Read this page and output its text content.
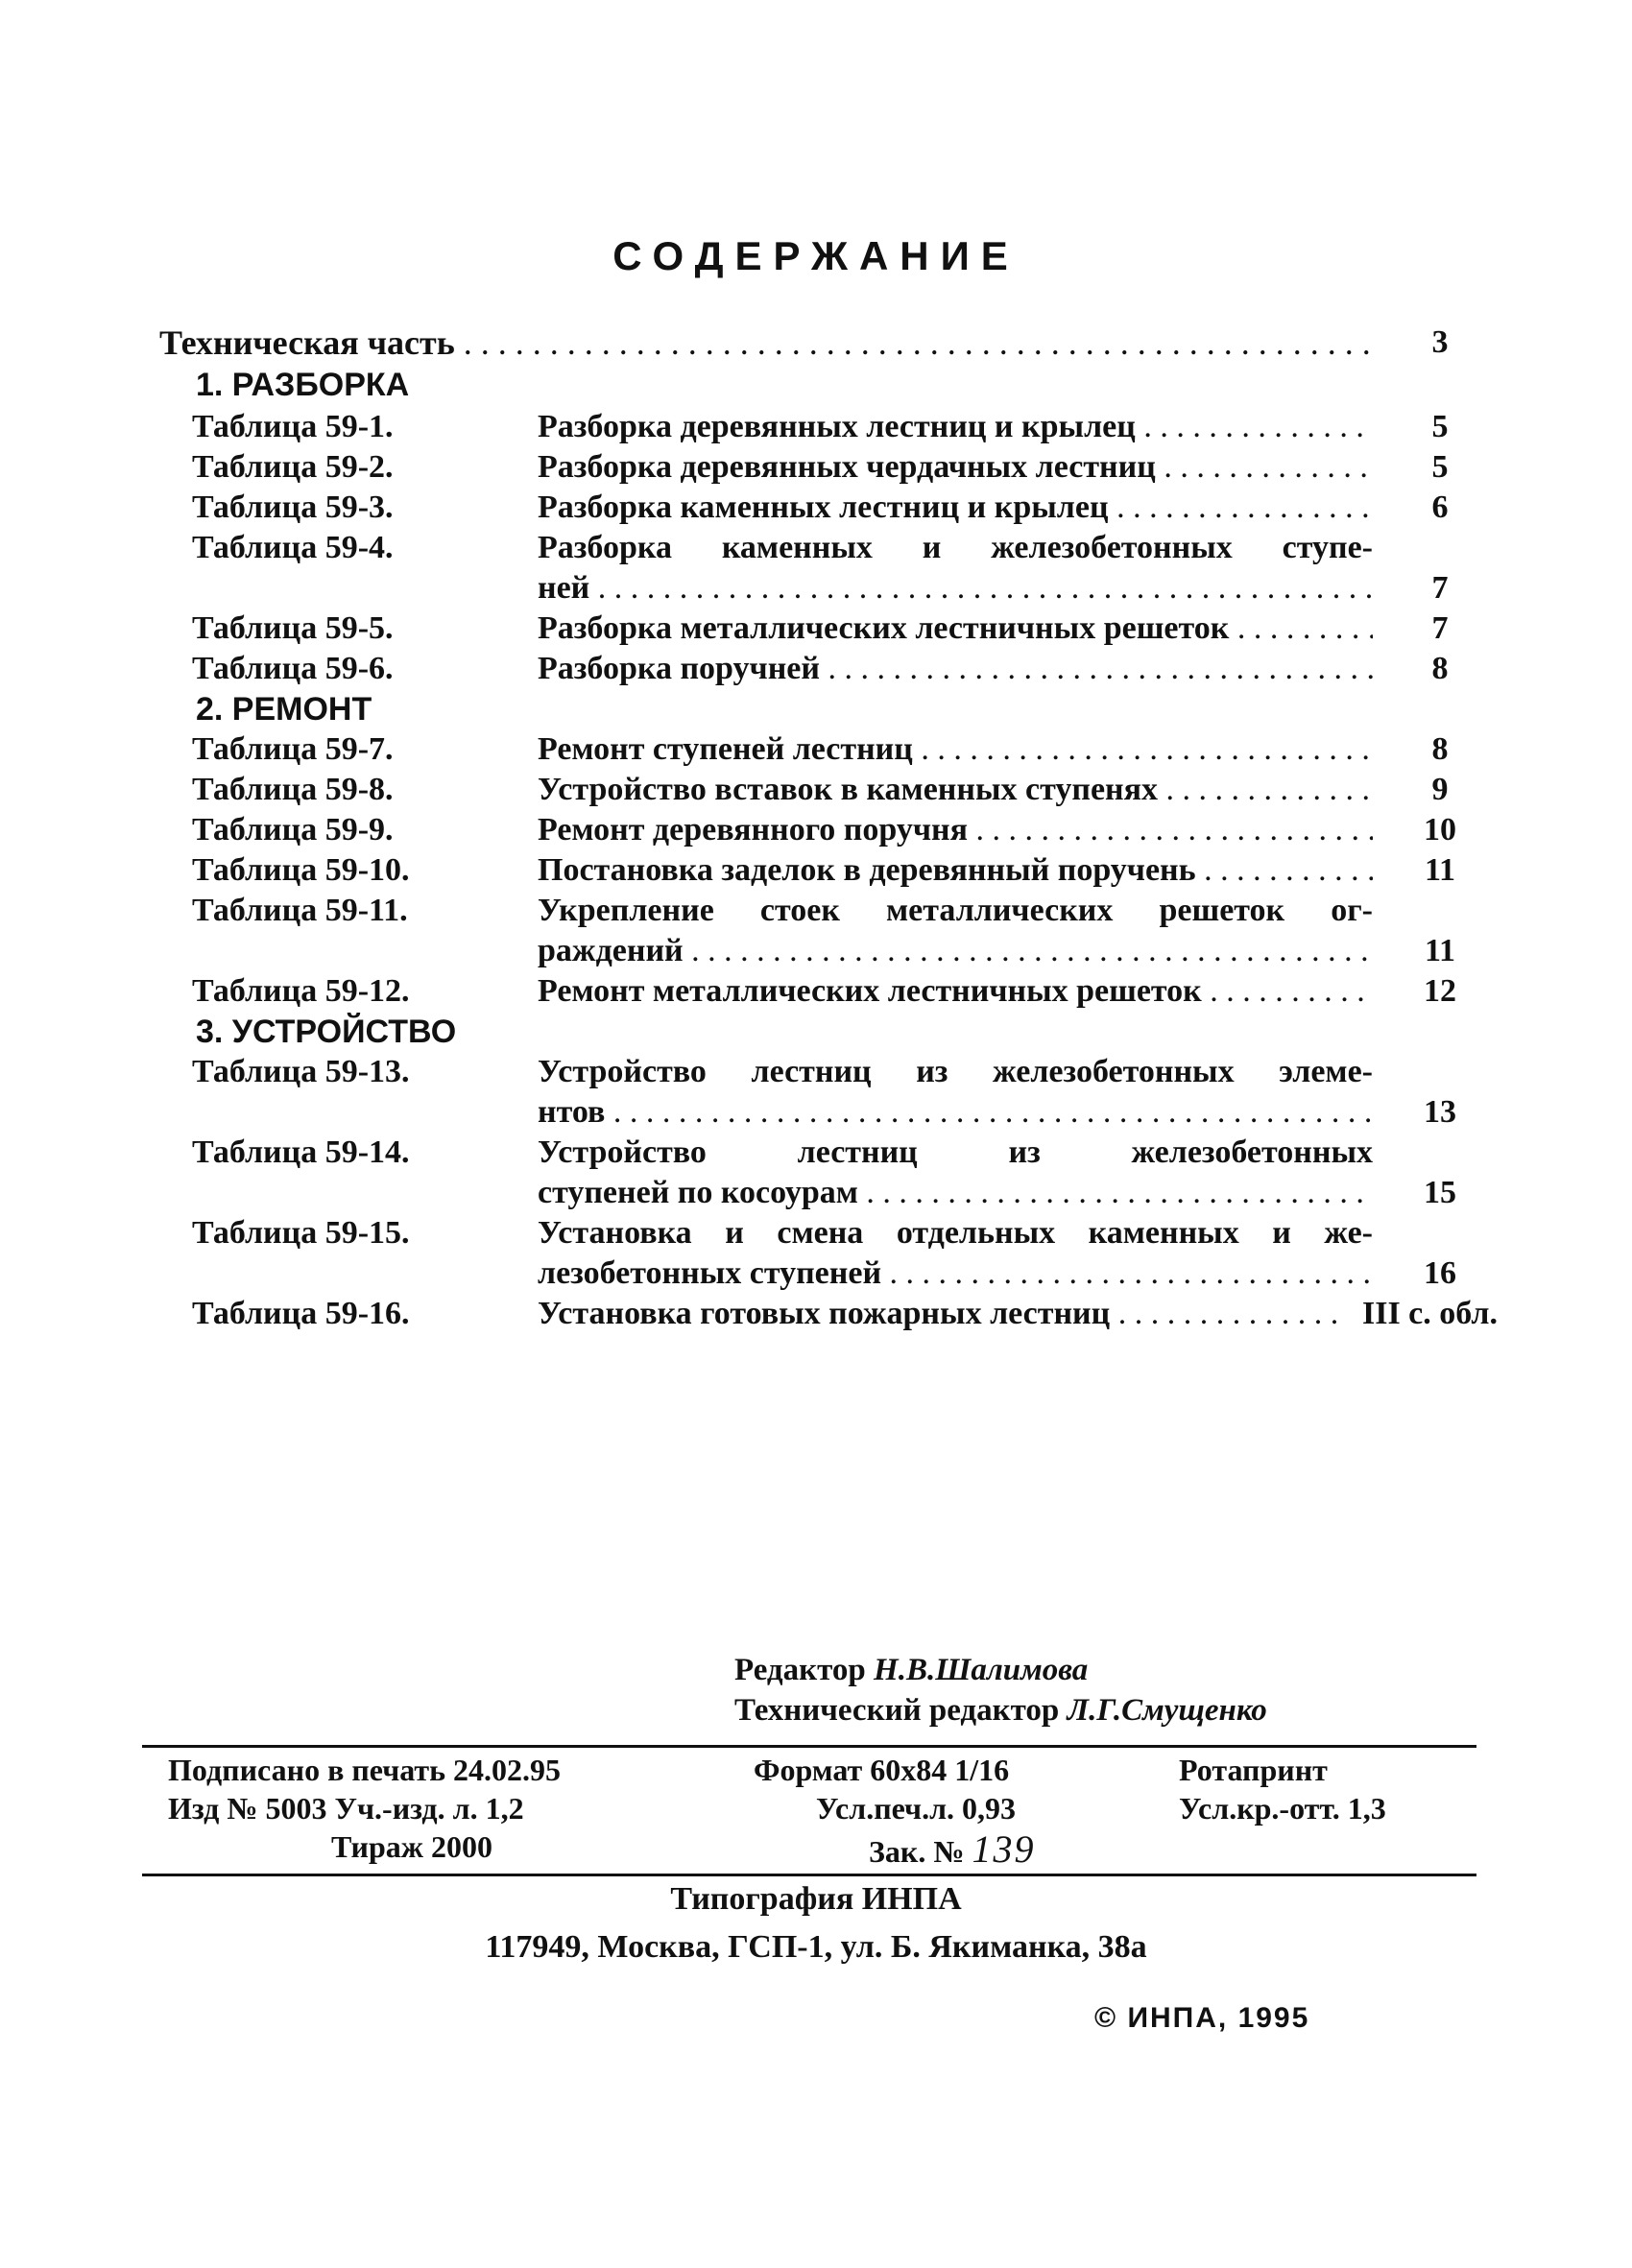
СОДЕРЖАНИЕ
Техническая часть . . .	3
1. РАЗБОРКА
Таблица 59-1.	Разборка деревянных лестниц и крылец . . .	5
Таблица 59-2.	Разборка деревянных чердачных лестниц . . .	5
Таблица 59-3.	Разборка каменных лестниц и крылец . . .	6
Таблица 59-4.	Разборка каменных и железобетонных ступе-
ней . . .	7
Таблица 59-5.	Разборка металлических лестничных решеток . . .	7
Таблица 59-6.	Разборка поручней . . .	8
2. РЕМОНТ
Таблица 59-7.	Ремонт ступеней лестниц . . .	8
Таблица 59-8.	Устройство вставок в каменных ступенях . . .	9
Таблица 59-9.	Ремонт деревянного поручня . . .	10
Таблица 59-10.	Постановка заделок в деревянный поручень . . .	11
Таблица 59-11.	Укрепление стоек металлических решеток ог-
раждений . . .	11
Таблица 59-12.	Ремонт металлических лестничных решеток . . .	12
3. УСТРОЙСТВО
Таблица 59-13.	Устройство лестниц из железобетонных элеме-
нтов . . .	13
Таблица 59-14.	Устройство лестниц из железобетонных
ступеней по косоурам . . .	15
Таблица 59-15.	Установка и смена отдельных каменных и же-
лезобетонных ступеней . . .	16
Таблица 59-16.	Установка готовых пожарных лестниц . . .	III с. обл.
Редактор Н.В.Шалимова
Технический редактор Л.Г.Смущенко
Подписано в печать 24.02.95	Формат 60x84 1/16	Ротапринт
Изд № 5003 Уч.-изд. л. 1,2	Усл.печ.л. 0,93	Усл.кр.-отт. 1,3
Тираж 2000	Зак. № 139
Типография ИНПА
117949, Москва, ГСП-1, ул. Б. Якиманка, 38а
© ИНПА, 1995
